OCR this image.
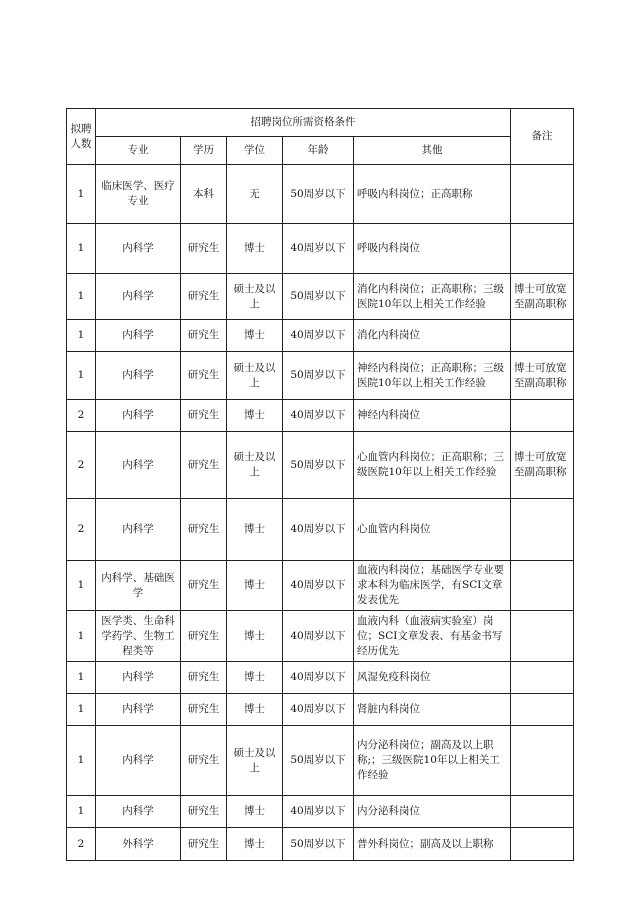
拟聘人数	招聘岗位所需资格条件					备注
	专业	学历	学位	年龄	其他	
1	临床医学、医疗专业	本科	无	50周岁以下	呼吸内科岗位；正高职称	
1	内科学	研究生	博士	40周岁以下	呼吸内科岗位	
1	内科学	研究生	硕士及以上	50周岁以下	消化内科岗位；正高职称；三级医院10年以上相关工作经验	博士可放宽至副高职称
1	内科学	研究生	博士	40周岁以下	消化内科岗位	
1	内科学	研究生	硕士及以上	50周岁以下	神经内科岗位；正高职称；三级医院10年以上相关工作经验	博士可放宽至副高职称
2	内科学	研究生	博士	40周岁以下	神经内科岗位	
2	内科学	研究生	硕士及以上	50周岁以下	心血管内科岗位；正高职称；三级医院10年以上相关工作经验	博士可放宽至副高职称
2	内科学	研究生	博士	40周岁以下	心血管内科岗位	
1	内科学、基础医学	研究生	博士	40周岁以下	血液内科岗位；基础医学专业要求本科为临床医学，有SCI文章发表优先	
1	医学类、生命科学药学、生物工程类等	研究生	博士	40周岁以下	血液内科（血液病实验室）岗位；SCI文章发表、有基金书写经历优先	
1	内科学	研究生	博士	40周岁以下	风湿免疫科岗位	
1	内科学	研究生	博士	40周岁以下	肾脏内科岗位	
1	内科学	研究生	硕士及以上	50周岁以下	内分泌科岗位；副高及以上职称;；三级医院10年以上相关工作经验	
1	内科学	研究生	博士	40周岁以下	内分泌科岗位	
2	外科学	研究生	博士	50周岁以下	普外科岗位；副高及以上职称	
